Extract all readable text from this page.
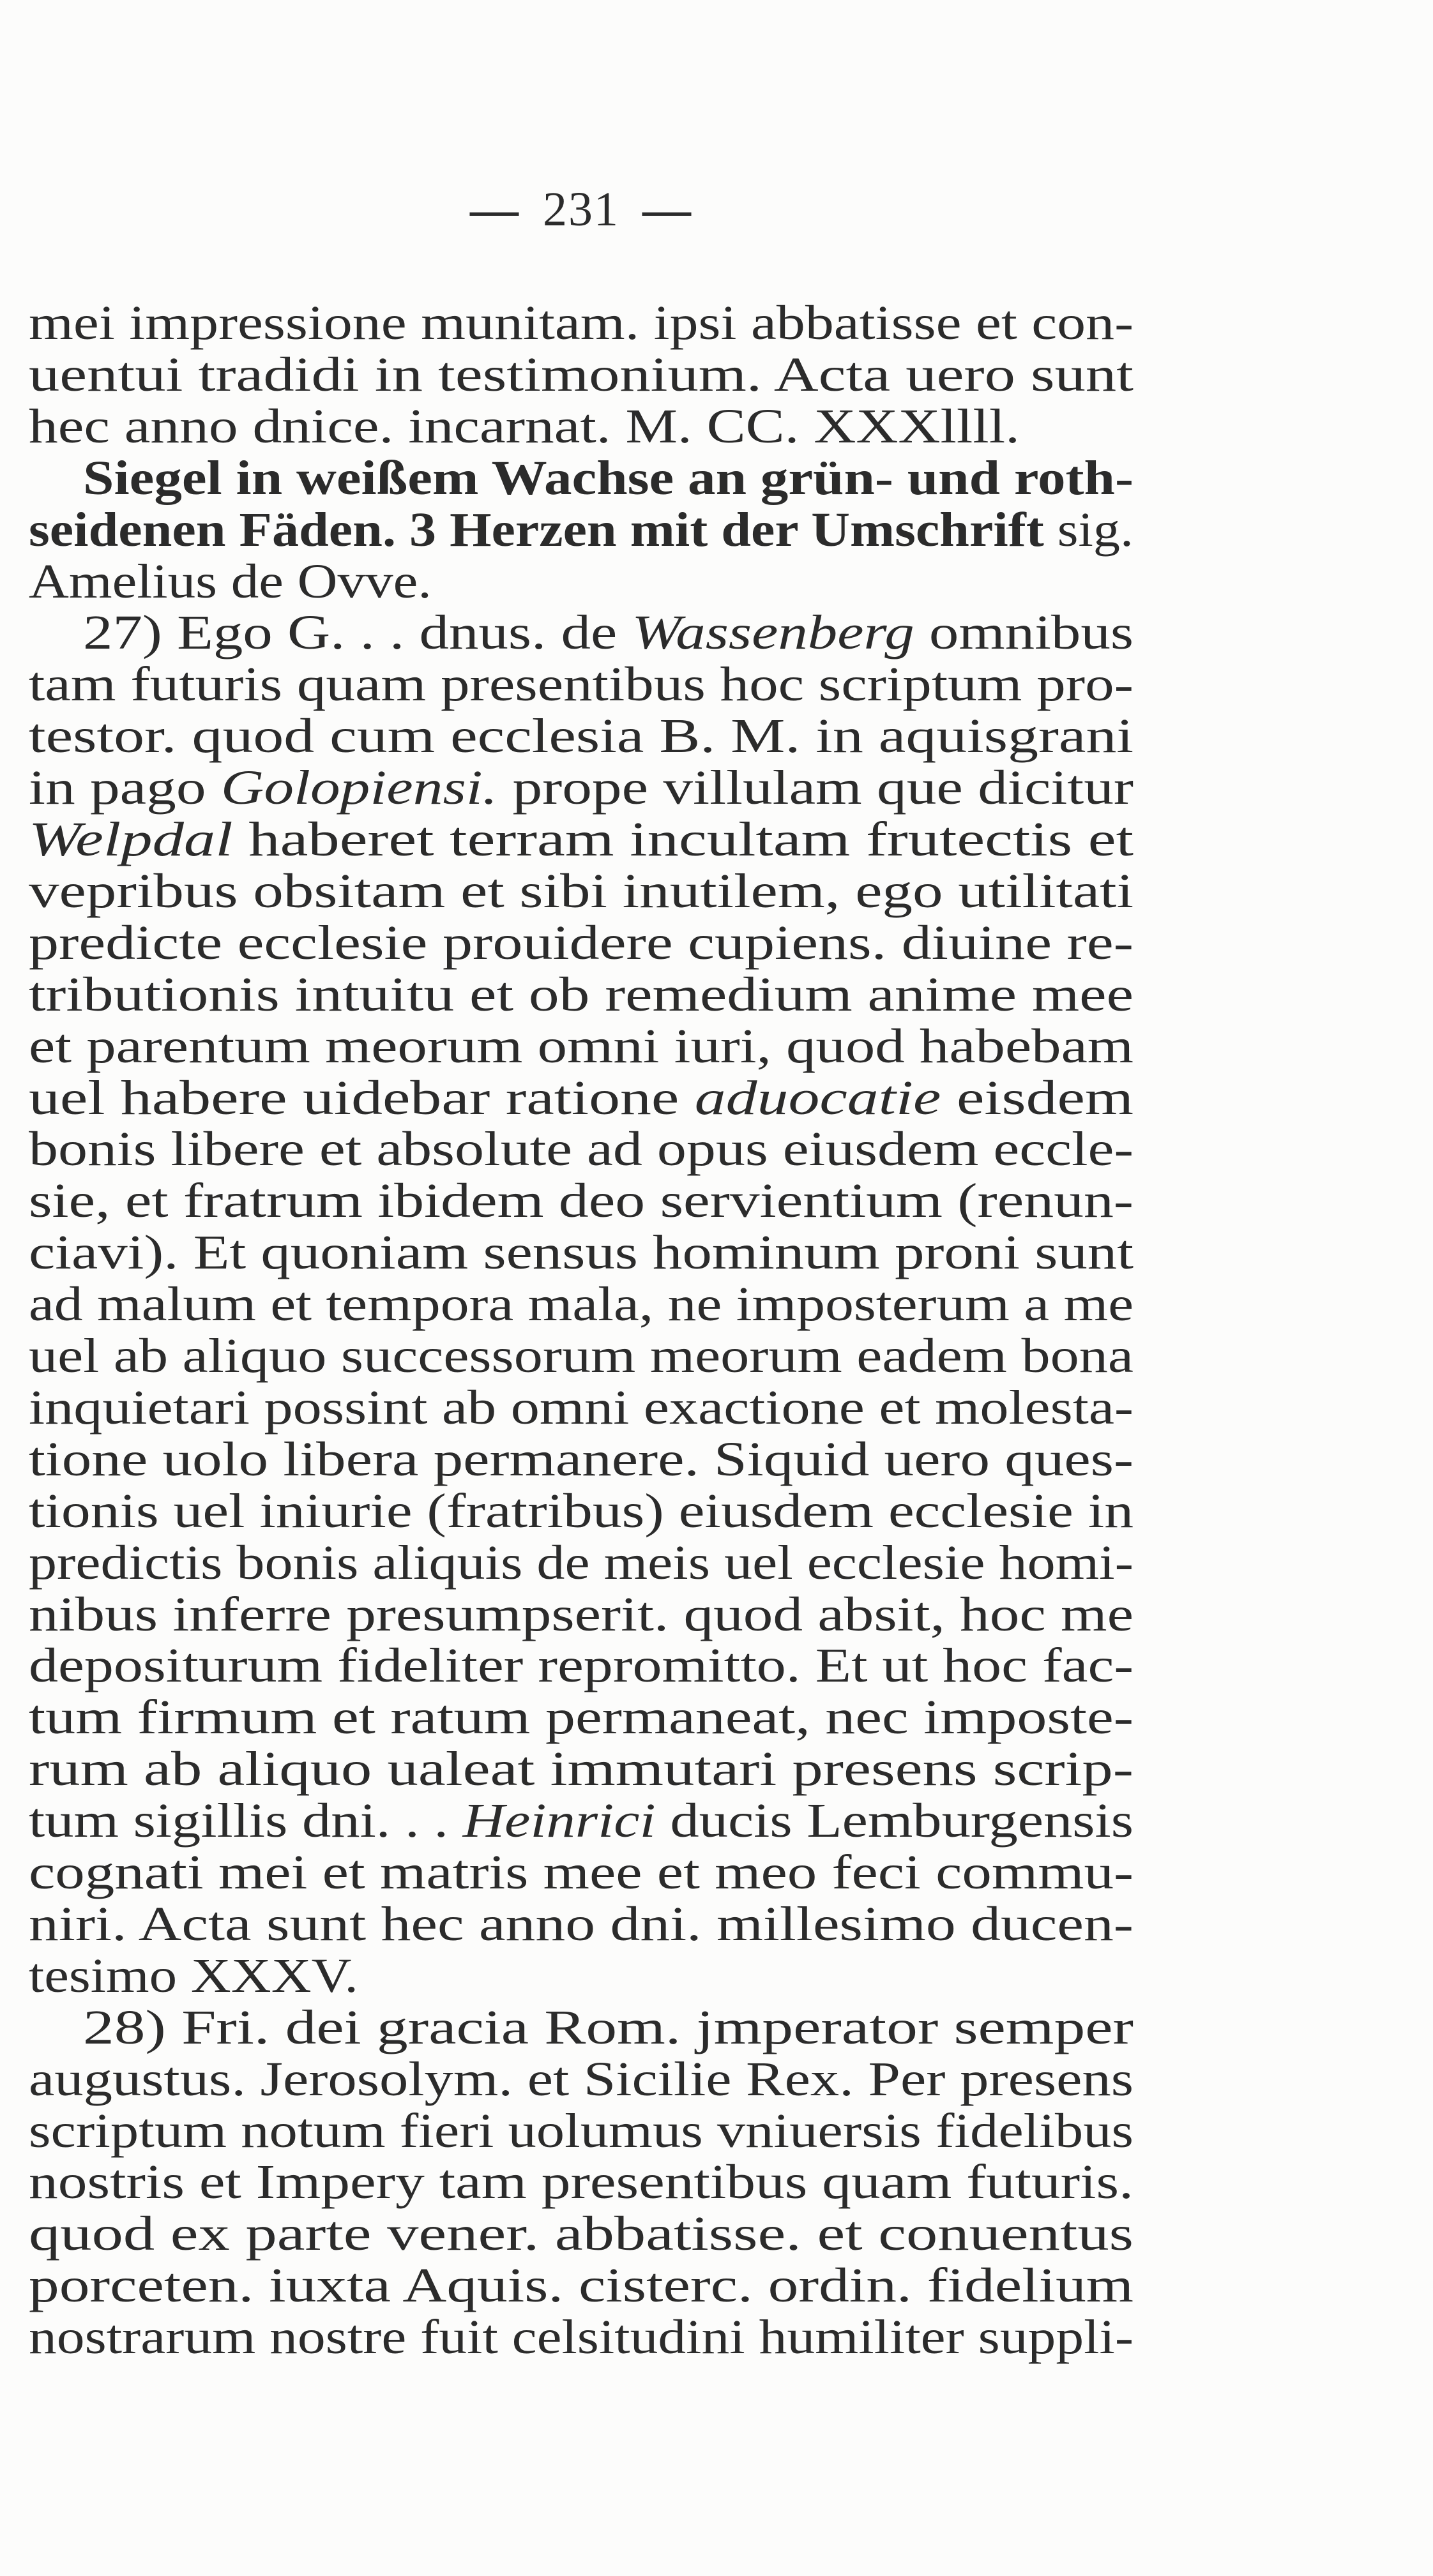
— 231 —
mei impressione munitam. ipsi abbatisse et con-
uentui tradidi in testimonium. Acta uero sunt
hec anno dnice. incarnat. M. CC. XXXllll.
Siegel in weißem Wachse an grün- und roth-
seidenen Fäden. 3 Herzen mit der Umschrift sig.
Amelius de Ovve.
27) Ego G. . . dnus. de Wassenberg omnibus
tam futuris quam presentibus hoc scriptum pro-
testor. quod cum ecclesia B. M. in aquisgrani
in pago Golopiensi. prope villulam que dicitur
Welpdal haberet terram incultam frutectis et
vepribus obsitam et sibi inutilem, ego utilitati
predicte ecclesie prouidere cupiens. diuine re-
tributionis intuitu et ob remedium anime mee
et parentum meorum omni iuri, quod habebam
uel habere uidebar ratione aduocatie eisdem
bonis libere et absolute ad opus eiusdem eccle-
sie, et fratrum ibidem deo servientium (renun-
ciavi). Et quoniam sensus hominum proni sunt
ad malum et tempora mala, ne imposterum a me
uel ab aliquo successorum meorum eadem bona
inquietari possint ab omni exactione et molesta-
tione uolo libera permanere. Siquid uero ques-
tionis uel iniurie (fratribus) eiusdem ecclesie in
predictis bonis aliquis de meis uel ecclesie homi-
nibus inferre presumpserit. quod absit, hoc me
depositurum fideliter repromitto. Et ut hoc fac-
tum firmum et ratum permaneat, nec imposte-
rum ab aliquo ualeat immutari presens scrip-
tum sigillis dni. . . Heinrici ducis Lemburgensis
cognati mei et matris mee et meo feci commu-
niri. Acta sunt hec anno dni. millesimo ducen-
tesimo XXXV.
28) Fri. dei gracia Rom. jmperator semper
augustus. Jerosolym. et Sicilie Rex. Per presens
scriptum notum fieri uolumus vniuersis fidelibus
nostris et Impery tam presentibus quam futuris.
quod ex parte vener. abbatisse. et conuentus
porceten. iuxta Aquis. cisterc. ordin. fidelium
nostrarum nostre fuit celsitudini humiliter suppli-
